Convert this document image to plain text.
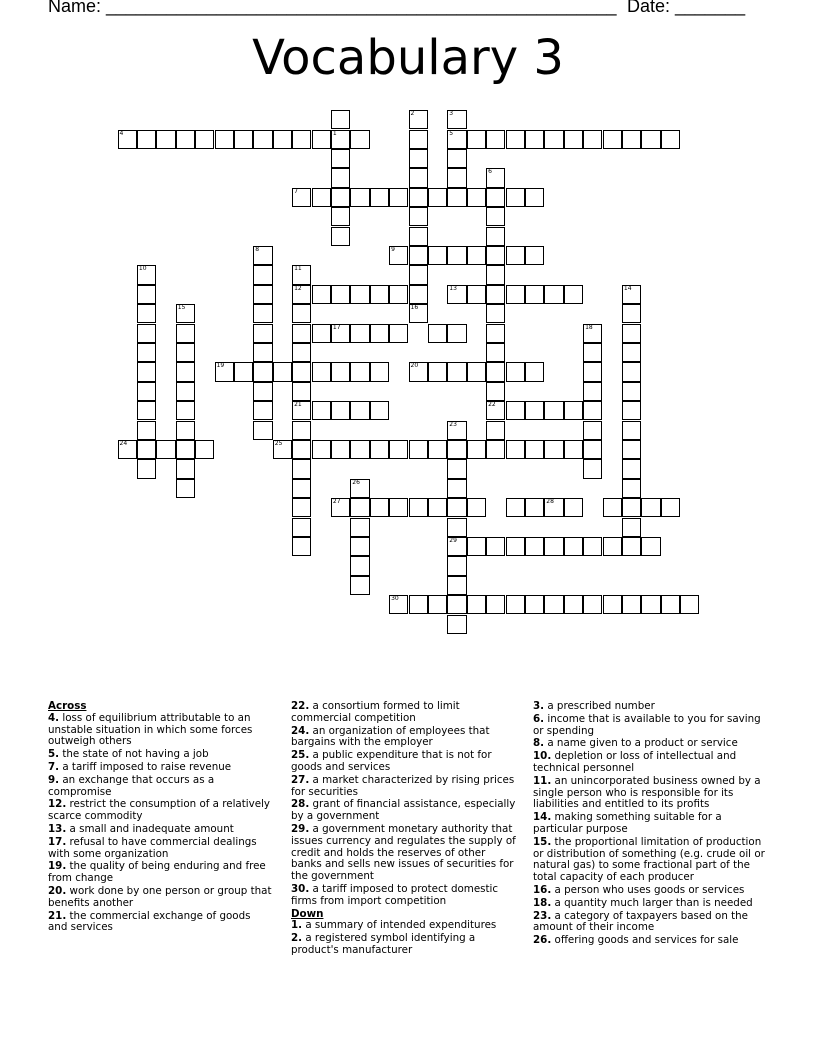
Name: ___________________________________________________ Date: _______
Vocabulary 3
4	1
2	3
5
6
7
9
8
10	11
12	13	14
15	16
17	18
19	20
21	22
23
24	25
26
27	28
29
30
Across
4. loss of equilibrium attributable to an unstable situation in which some forces outweigh others
5. the state of not having a job
7. a tariff imposed to raise revenue
9. an exchange that occurs as a compromise
12. restrict the consumption of a relatively scarce commodity
13. a small and inadequate amount
17. refusal to have commercial dealings with some organization
19. the quality of being enduring and free from change
20. work done by one person or group that benefits another
21. the commercial exchange of goods and services
22. a consortium formed to limit commercial competition
24. an organization of employees that bargains with the employer
25. a public expenditure that is not for goods and services
27. a market characterized by rising prices for securities
28. grant of financial assistance, especially by a government
29. a government monetary authority that issues currency and regulates the supply of credit and holds the reserves of other banks and sells new issues of securities for the government
30. a tariff imposed to protect domestic firms from import competition
Down
1. a summary of intended expenditures
2. a registered symbol identifying a product's manufacturer
3. a prescribed number
6. income that is available to you for saving or spending
8. a name given to a product or service
10. depletion or loss of intellectual and technical personnel
11. an unincorporated business owned by a single person who is responsible for its liabilities and entitled to its profits
14. making something suitable for a particular purpose
15. the proportional limitation of production or distribution of something (e.g. crude oil or natural gas) to some fractional part of the total capacity of each producer
16. a person who uses goods or services
18. a quantity much larger than is needed
23. a category of taxpayers based on the amount of their income
26. offering goods and services for sale
